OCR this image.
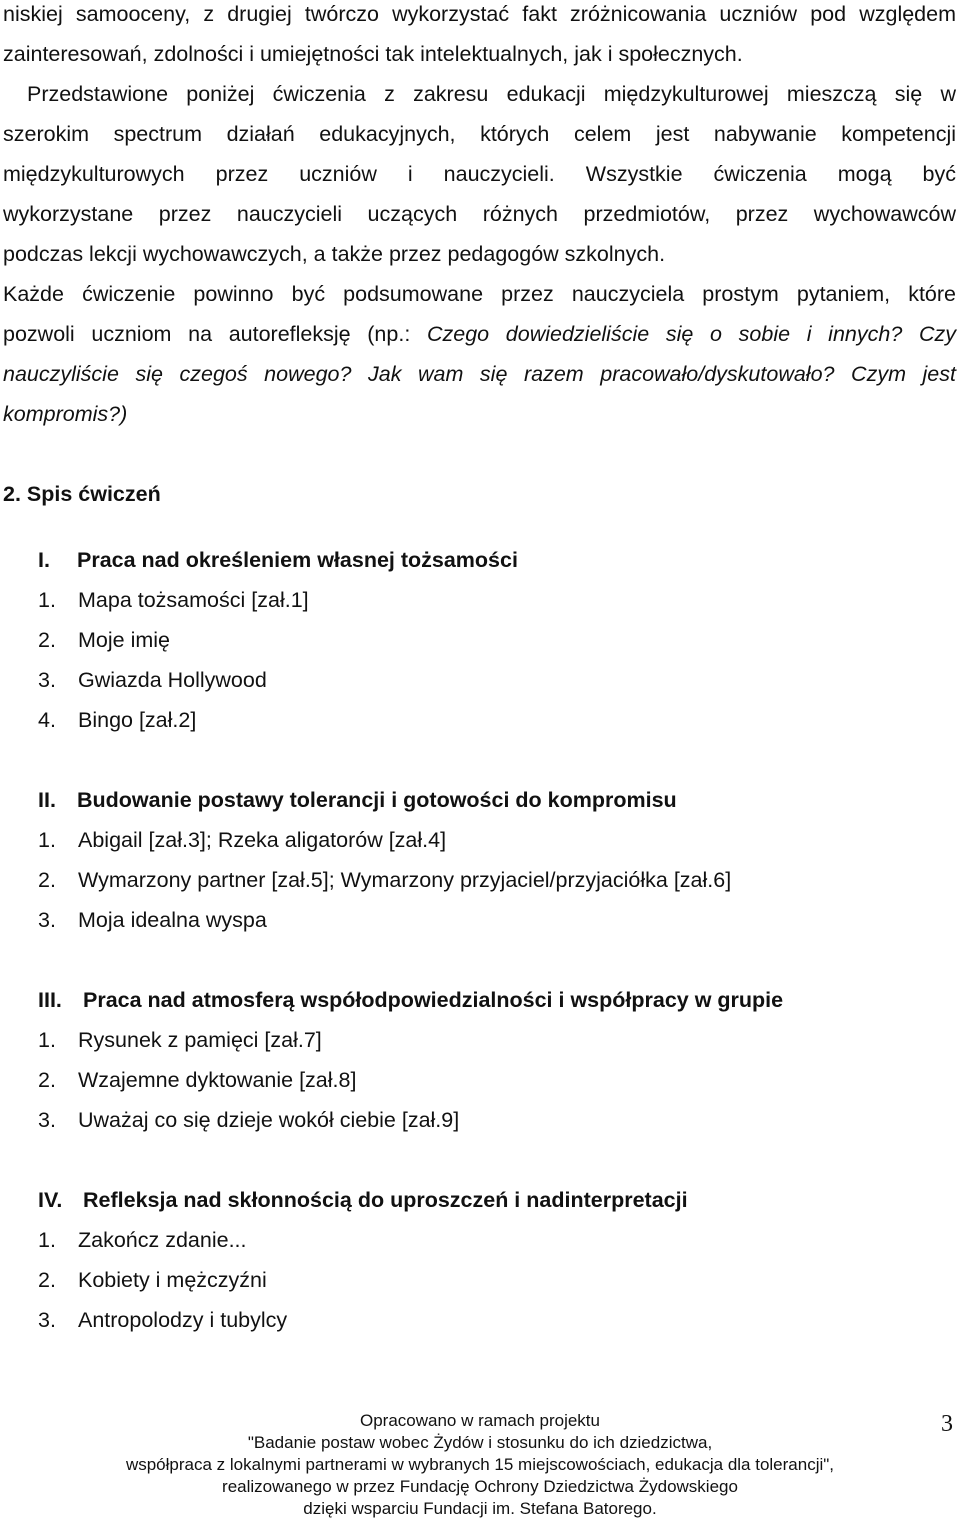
niskiej samooceny, z drugiej twórczo wykorzystać fakt zróżnicowania uczniów pod względem
zainteresowań, zdolności i umiejętności tak intelektualnych, jak i społecznych.
Przedstawione poniżej ćwiczenia z zakresu edukacji międzykulturowej mieszczą się w
szerokim spectrum działań edukacyjnych, których celem jest nabywanie kompetencji
międzykulturowych przez uczniów i nauczycieli. Wszystkie ćwiczenia mogą być
wykorzystane przez nauczycieli uczących różnych przedmiotów, przez wychowawców
podczas lekcji wychowawczych, a także przez pedagogów szkolnych.
Każde ćwiczenie powinno być podsumowane przez nauczyciela prostym pytaniem, które
pozwoli uczniom na autorefleksję (np.: Czego dowiedzieliście się o sobie i innych? Czy
nauczyliście się czegoś nowego? Jak wam się razem pracowało/dyskutowało? Czym jest
kompromis?)
2. Spis ćwiczeń
I. Praca nad określeniem własnej tożsamości
1. Mapa tożsamości [zał.1]
2. Moje imię
3. Gwiazda Hollywood
4. Bingo [zał.2]
II. Budowanie postawy tolerancji i gotowości do kompromisu
1. Abigail [zał.3]; Rzeka aligatorów [zał.4]
2. Wymarzony partner [zał.5]; Wymarzony przyjaciel/przyjaciółka [zał.6]
3. Moja idealna wyspa
III. Praca nad atmosferą współodpowiedzialności i współpracy w grupie
1. Rysunek z pamięci [zał.7]
2. Wzajemne dyktowanie [zał.8]
3. Uważaj co się dzieje wokół ciebie [zał.9]
IV. Refleksja nad skłonnością do uproszczeń i nadinterpretacji
1. Zakończ zdanie...
2. Kobiety i mężczyźni
3. Antropolodzy i tubylcy
Opracowano w ramach projektu
"Badanie postaw wobec Żydów i stosunku do ich dziedzictwa,
współpraca z lokalnymi partnerami w wybranych 15 miejscowościach, edukacja dla tolerancji",
realizowanego w przez Fundację Ochrony Dziedzictwa Żydowskiego
dzięki wsparciu Fundacji im. Stefana Batorego.
3
